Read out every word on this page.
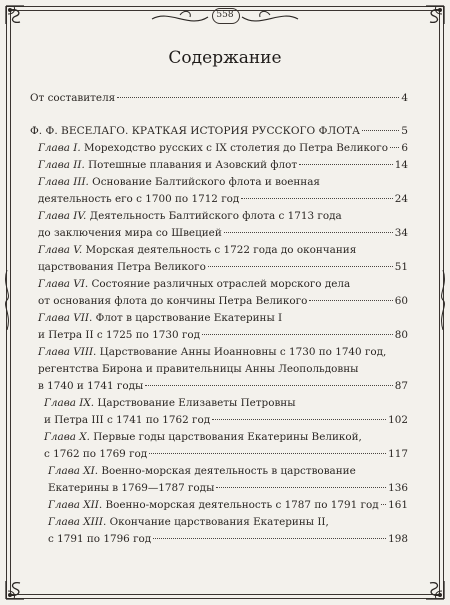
558
Содержание
От составителя	4
Ф. Ф. ВЕСЕЛАГО. КРАТКАЯ ИСТОРИЯ РУССКОГО ФЛОТА	5
Глава I. Мореходство русских с IX столетия до Петра Великого 6
Глава II. Потешные плавания и Азовский флот	14
Глава III. Основание Балтийского флота и военная
деятельность его с 1700 по 1712 год	24
Глава IV. Деятельность Балтийского флота с 1713 года
до заключения мира со Швецией	34
Глава V. Морская деятельность с 1722 года до окончания
царствования Петра Великого	51
Глава VI. Состояние различных отраслей морского дела
от основания флота до кончины Петра Великого	60
Глава VII. Флот в царствование Екатерины I
и Петра II с 1725 по 1730 год	80
Глава VIII. Царствование Анны Иоанновны с 1730 по 1740 год,
регентства Бирона и правительницы Анны Леопольдовны
в 1740 и 1741 годы	87
Глава IX. Царствование Елизаветы Петровны
и Петра III с 1741 по 1762 год	102
Глава X. Первые годы царствования Екатерины Великой,
с 1762 по 1769 год	117
Глава XI. Военно-морская деятельность в царствование
Екатерины в 1769—1787 годы	136
Глава XII. Военно-морская деятельность с 1787 по 1791 год 161
Глава XIII. Окончание царствования Екатерины II,
с 1791 по 1796 год	198
